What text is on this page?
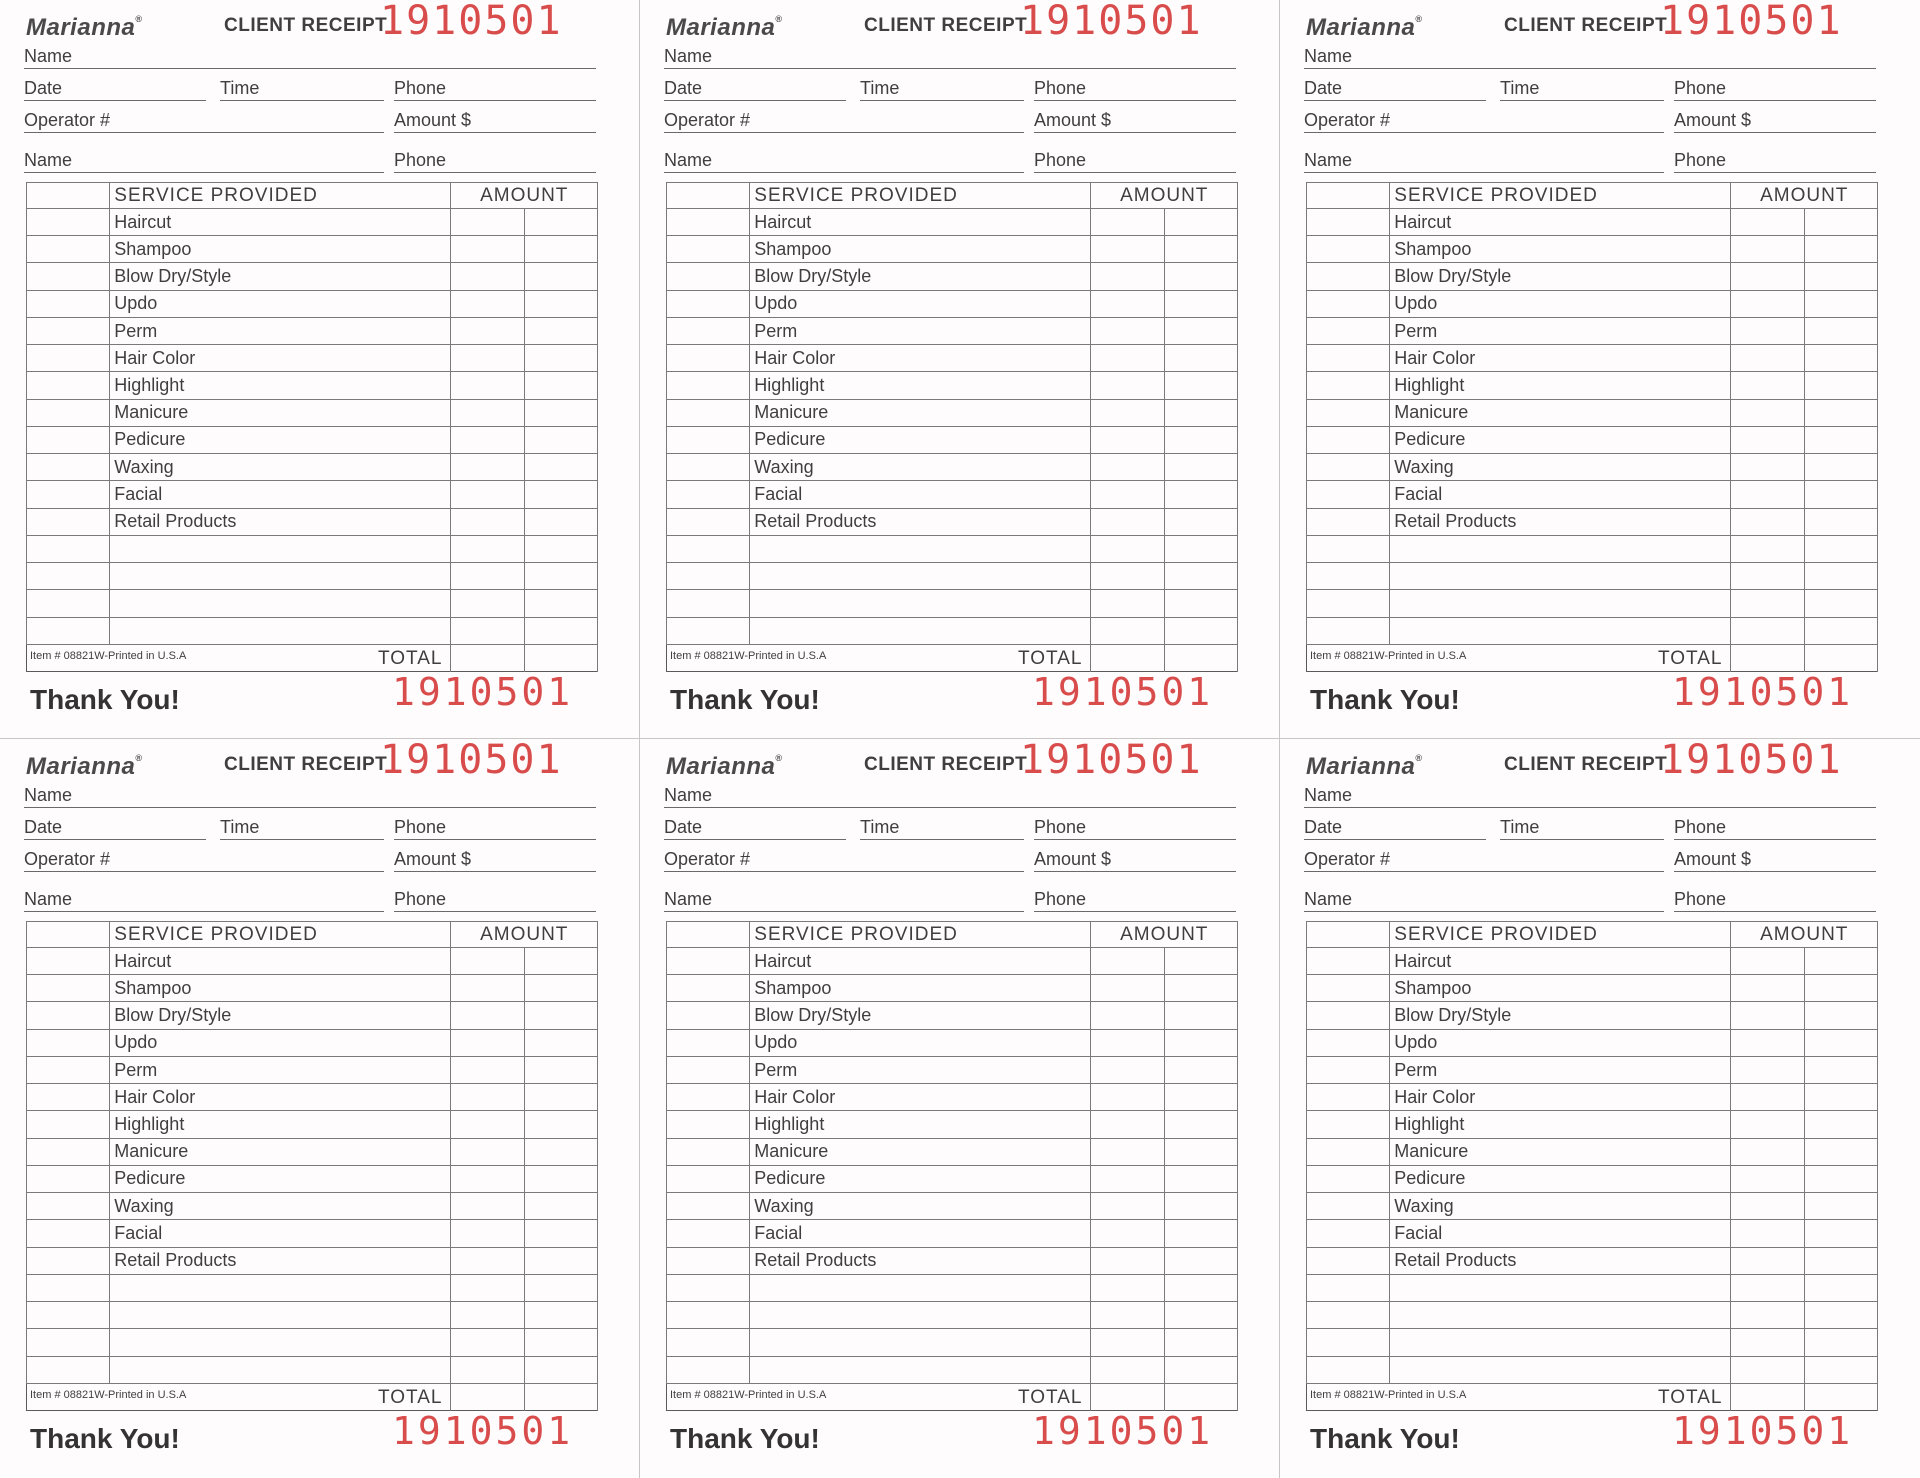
Marianna®	CLIENT RECEIPT
1910501
Name
Date	Time	Phone
Operator #	Amount $
Name	Phone
	SERVICE PROVIDED	AMOUNT	
	Haircut		
	Shampoo		
	Blow Dry/Style		
	Updo		
	Perm		
	Hair Color		
	Highlight		
	Manicure		
	Pedicure		
	Waxing		
	Facial		
	Retail Products		

Item # 08821W-Printed in U.S.A	TOTAL
Thank You!	1910501
Marianna®	CLIENT RECEIPT
1910501
Name
Date	Time	Phone
Operator #	Amount $
Name	Phone
	SERVICE PROVIDED	AMOUNT	
	Haircut		
	Shampoo		
	Blow Dry/Style		
	Updo		
	Perm		
	Hair Color		
	Highlight		
	Manicure		
	Pedicure		
	Waxing		
	Facial		
	Retail Products		

Item # 08821W-Printed in U.S.A	TOTAL
Thank You!	1910501
Marianna®	CLIENT RECEIPT
1910501
Name
Date	Time	Phone
Operator #	Amount $
Name	Phone
	SERVICE PROVIDED	AMOUNT	
	Haircut		
	Shampoo		
	Blow Dry/Style		
	Updo		
	Perm		
	Hair Color		
	Highlight		
	Manicure		
	Pedicure		
	Waxing		
	Facial		
	Retail Products		

Item # 08821W-Printed in U.S.A	TOTAL
Thank You!	1910501
Marianna®	CLIENT RECEIPT
1910501
Name
Date	Time	Phone
Operator #	Amount $
Name	Phone
	SERVICE PROVIDED	AMOUNT	
	Haircut		
	Shampoo		
	Blow Dry/Style		
	Updo		
	Perm		
	Hair Color		
	Highlight		
	Manicure		
	Pedicure		
	Waxing		
	Facial		
	Retail Products		

Item # 08821W-Printed in U.S.A	TOTAL
Thank You!	1910501
Marianna®	CLIENT RECEIPT
1910501
Name
Date	Time	Phone
Operator #	Amount $
Name	Phone
	SERVICE PROVIDED	AMOUNT	
	Haircut		
	Shampoo		
	Blow Dry/Style		
	Updo		
	Perm		
	Hair Color		
	Highlight		
	Manicure		
	Pedicure		
	Waxing		
	Facial		
	Retail Products		

Item # 08821W-Printed in U.S.A	TOTAL
Thank You!	1910501
Marianna®	CLIENT RECEIPT
1910501
Name
Date	Time	Phone
Operator #	Amount $
Name	Phone
	SERVICE PROVIDED	AMOUNT	
	Haircut		
	Shampoo		
	Blow Dry/Style		
	Updo		
	Perm		
	Hair Color		
	Highlight		
	Manicure		
	Pedicure		
	Waxing		
	Facial		
	Retail Products		

Item # 08821W-Printed in U.S.A	TOTAL
Thank You!	1910501
